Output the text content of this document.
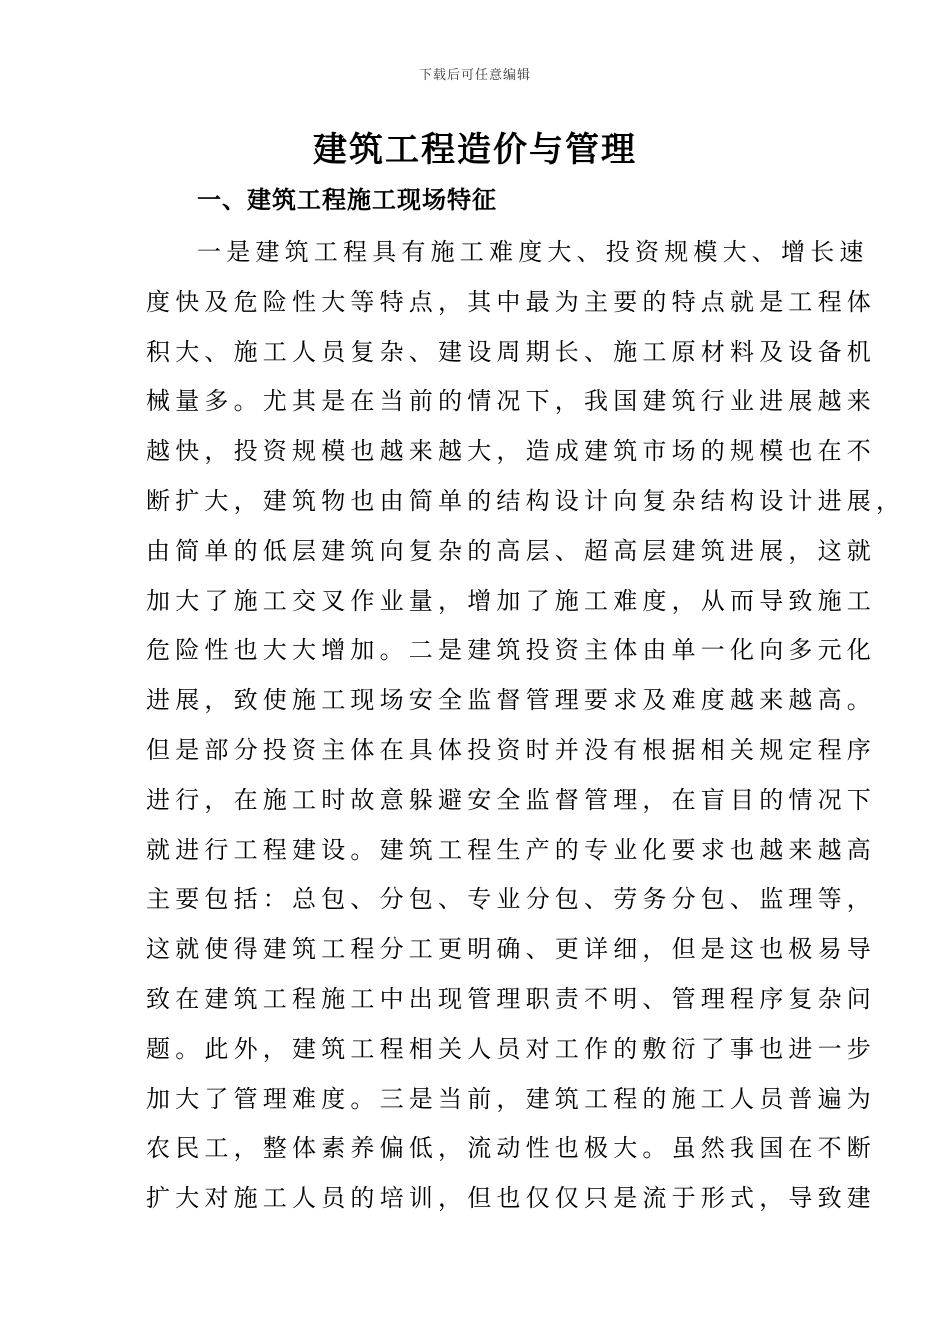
下载后可任意编辑
建筑工程造价与管理
一、建筑工程施工现场特征
一是建筑工程具有施工难度大、投资规模大、增长速
度快及危险性大等特点，其中最为主要的特点就是工程体
积大、施工人员复杂、建设周期长、施工原材料及设备机
械量多。尤其是在当前的情况下，我国建筑行业进展越来
越快，投资规模也越来越大，造成建筑市场的规模也在不
断扩大，建筑物也由简单的结构设计向复杂结构设计进展，
由简单的低层建筑向复杂的高层、超高层建筑进展，这就
加大了施工交叉作业量，增加了施工难度，从而导致施工
危险性也大大增加。二是建筑投资主体由单一化向多元化
进展，致使施工现场安全监督管理要求及难度越来越高。
但是部分投资主体在具体投资时并没有根据相关规定程序
进行，在施工时故意躲避安全监督管理，在盲目的情况下
就进行工程建设。建筑工程生产的专业化要求也越来越高
主要包括：总包、分包、专业分包、劳务分包、监理等，
这就使得建筑工程分工更明确、更详细，但是这也极易导
致在建筑工程施工中出现管理职责不明、管理程序复杂问
题。此外，建筑工程相关人员对工作的敷衍了事也进一步
加大了管理难度。三是当前，建筑工程的施工人员普遍为
农民工，整体素养偏低，流动性也极大。虽然我国在不断
扩大对施工人员的培训，但也仅仅只是流于形式，导致建
